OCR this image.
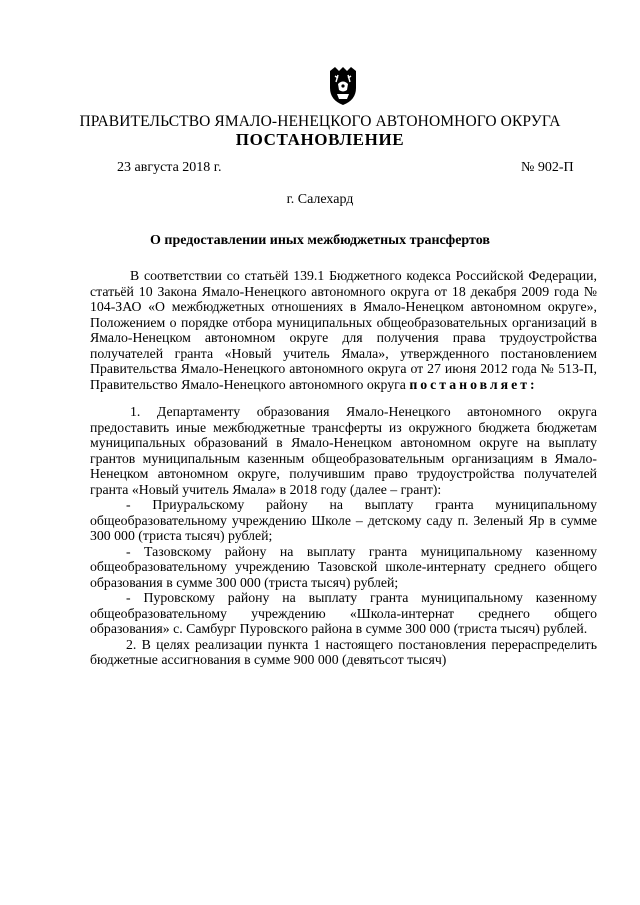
ПРАВИТЕЛЬСТВО ЯМАЛО-НЕНЕЦКОГО АВТОНОМНОГО ОКРУГА
ПОСТАНОВЛЕНИЕ
23 августа 2018 г.	№ 902-П
г. Салехард
О предоставлении иных межбюджетных трансфертов

В соответствии со статьёй 139.1 Бюджетного кодекса Российской Федерации, статьёй 10 Закона Ямало-Ненецкого автономного округа от 18 декабря 2009 года № 104-ЗАО «О межбюджетных отношениях в Ямало-Ненецком автономном округе», Положением о порядке отбора муниципальных общеобразовательных организаций в Ямало-Ненецком автономном округе для получения права трудоустройства получателей гранта «Новый учитель Ямала», утвержденного постановлением Правительства Ямало-Ненецкого автономного округа от 27 июня 2012 года № 513-П, Правительство Ямало-Ненецкого автономного округа постановляет:

1. Департаменту образования Ямало-Ненецкого автономного округа предоставить иные межбюджетные трансферты из окружного бюджета бюджетам муниципальных образований в Ямало-Ненецком автономном округе на выплату грантов муниципальным казенным общеобразовательным организациям в Ямало-Ненецком автономном округе, получившим право трудоустройства получателей гранта «Новый учитель Ямала» в 2018 году (далее – грант):

- Приуральскому району на выплату гранта муниципальному общеобразовательному учреждению Школе – детскому саду п. Зеленый Яр в сумме 300 000 (триста тысяч) рублей;

- Тазовскому району на выплату гранта муниципальному казенному общеобразовательному учреждению Тазовской школе-интернату среднего общего образования в сумме 300 000 (триста тысяч) рублей;

- Пуровскому району на выплату гранта муниципальному казенному общеобразовательному учреждению «Школа-интернат среднего общего образования» с. Самбург Пуровского района в сумме 300 000 (триста тысяч) рублей.

2. В целях реализации пункта 1 настоящего постановления перераспределить бюджетные ассигнования в сумме 900 000 (девятьсот тысяч)
